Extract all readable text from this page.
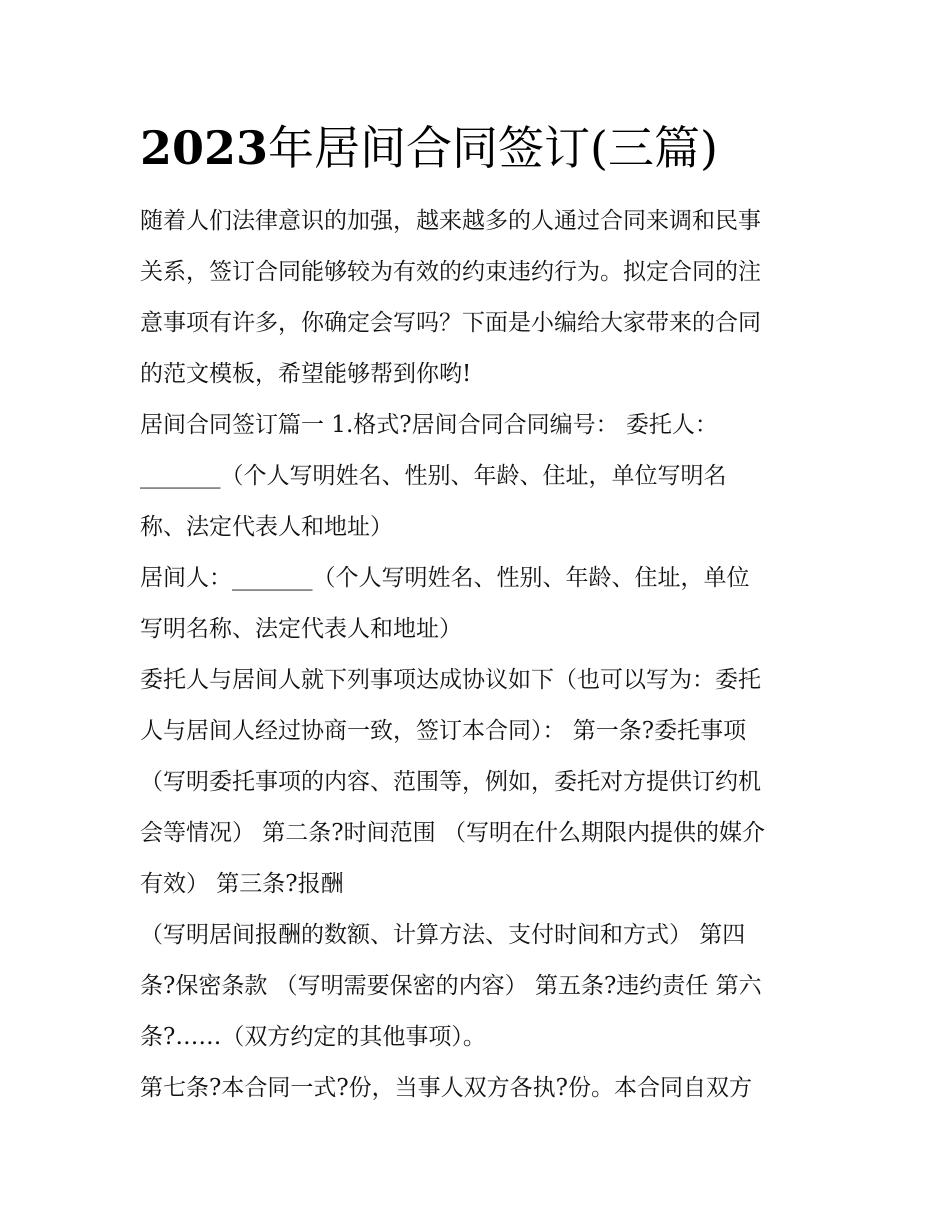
2023年居间合同签订(三篇)
随着人们法律意识的加强，越来越多的人通过合同来调和民事
关系，签订合同能够较为有效的约束违约行为。拟定合同的注
意事项有许多，你确定会写吗？下面是小编给大家带来的合同
的范文模板，希望能够帮到你哟!
居间合同签订篇一 1.格式?居间合同合同编号： 委托人：
_______（个人写明姓名、性别、年龄、住址，单位写明名
称、法定代表人和地址）
居间人：_______（个人写明姓名、性别、年龄、住址，单位
写明名称、法定代表人和地址）
委托人与居间人就下列事项达成协议如下（也可以写为：委托
人与居间人经过协商一致，签订本合同）： 第一条?委托事项
（写明委托事项的内容、范围等，例如，委托对方提供订约机
会等情况） 第二条?时间范围 （写明在什么期限内提供的媒介
有效） 第三条?报酬
（写明居间报酬的数额、计算方法、支付时间和方式） 第四
条?保密条款 （写明需要保密的内容） 第五条?违约责任 第六
条?……（双方约定的其他事项）。
第七条?本合同一式?份，当事人双方各执?份。本合同自双方
